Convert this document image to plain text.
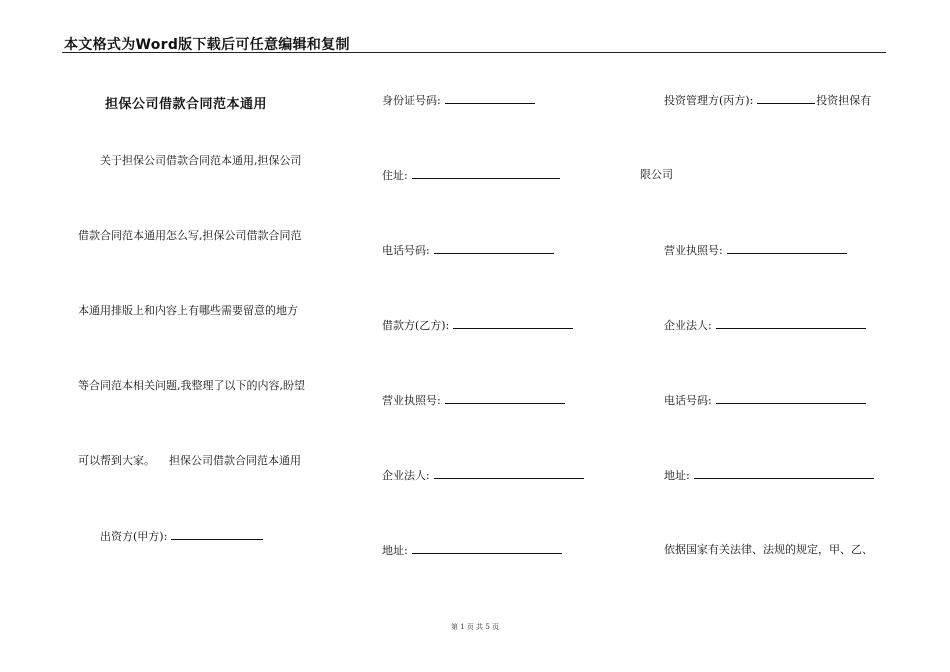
本文格式为Word版下载后可任意编辑和复制
担保公司借款合同范本通用
关于担保公司借款合同范本通用,担保公司
借款合同范本通用怎么写,担保公司借款合同范
本通用排版上和内容上有哪些需要留意的地方
等合同范本相关问题,我整理了以下的内容,盼望
可以帮到大家。    担保公司借款合同范本通用
出资方(甲方):
身份证号码:
住址:
电话号码:
借款方(乙方):
营业执照号:
企业法人:
地址:
投资管理方(丙方):	投资担保有
限公司
营业执照号:
企业法人:
电话号码:
地址:
依据国家有关法律、法规的规定，甲、乙、
第 1 页 共 5 页
